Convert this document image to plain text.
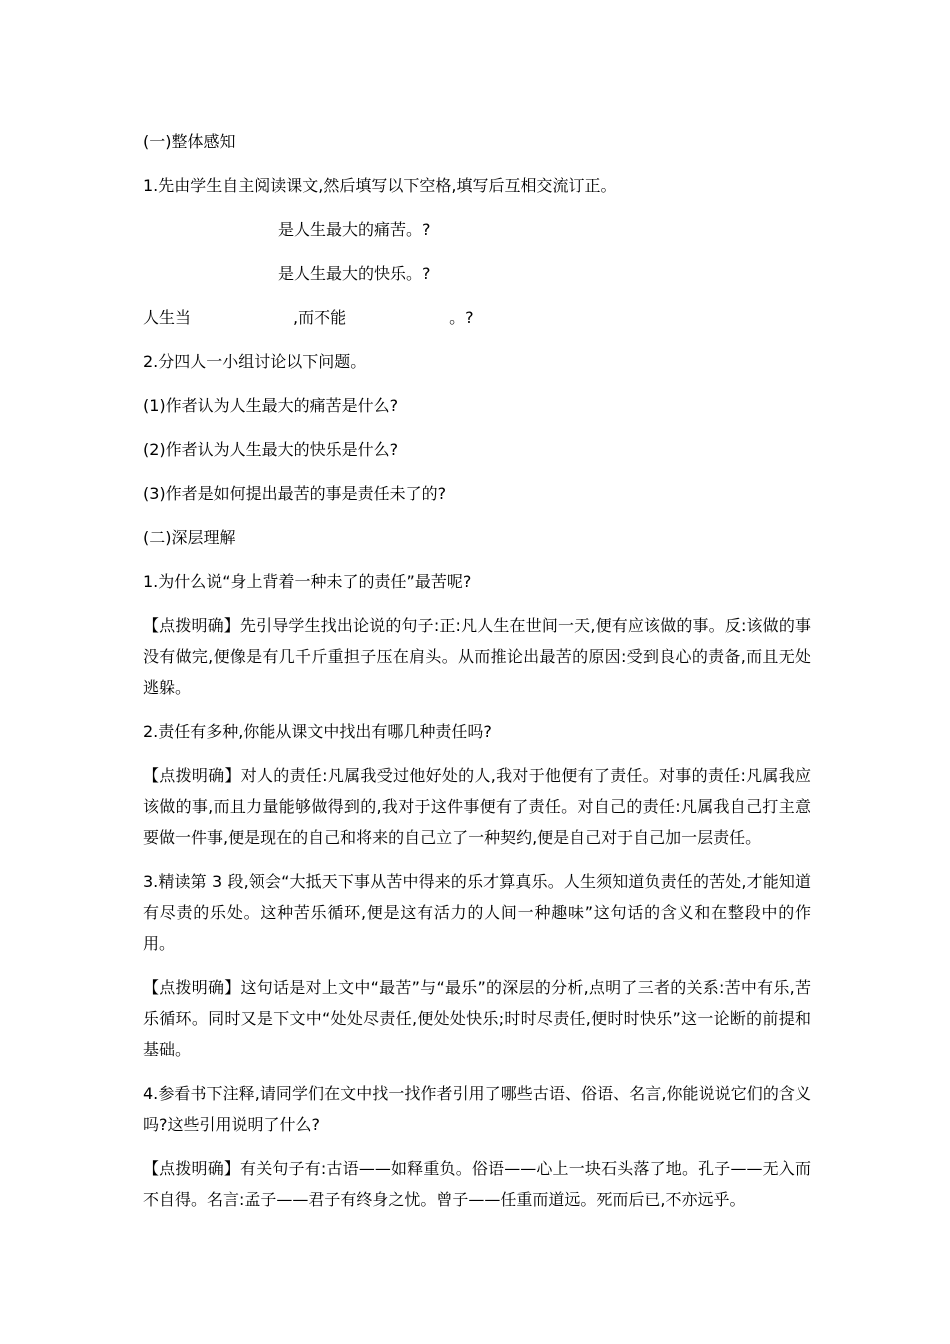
(一)整体感知
1.先由学生自主阅读课文,然后填写以下空格,填写后互相交流订正。
是人生最大的痛苦。?
是人生最大的快乐。?
人生当	,而不能	。?
2.分四人一小组讨论以下问题。
(1)作者认为人生最大的痛苦是什么?
(2)作者认为人生最大的快乐是什么?
(3)作者是如何提出最苦的事是责任未了的?
(二)深层理解
1.为什么说“身上背着一种未了的责任”最苦呢?
【点拨明确】先引导学生找出论说的句子:正:凡人生在世间一天,便有应该做的事。反:该做的事没有做完,便像是有几千斤重担子压在肩头。从而推论出最苦的原因:受到良心的责备,而且无处逃躲。
2.责任有多种,你能从课文中找出有哪几种责任吗?
【点拨明确】对人的责任:凡属我受过他好处的人,我对于他便有了责任。对事的责任:凡属我应该做的事,而且力量能够做得到的,我对于这件事便有了责任。对自己的责任:凡属我自己打主意要做一件事,便是现在的自己和将来的自己立了一种契约,便是自己对于自己加一层责任。
3.精读第 3 段,领会“大抵天下事从苦中得来的乐才算真乐。人生须知道负责任的苦处,才能知道有尽责的乐处。这种苦乐循环,便是这有活力的人间一种趣味”这句话的含义和在整段中的作用。
【点拨明确】这句话是对上文中“最苦”与“最乐”的深层的分析,点明了三者的关系:苦中有乐,苦乐循环。同时又是下文中“处处尽责任,便处处快乐;时时尽责任,便时时快乐”这一论断的前提和基础。
4.参看书下注释,请同学们在文中找一找作者引用了哪些古语、俗语、名言,你能说说它们的含义吗?这些引用说明了什么?
【点拨明确】有关句子有:古语——如释重负。俗语——心上一块石头落了地。孔子——无入而不自得。名言:孟子——君子有终身之忧。曾子——任重而道远。死而后已,不亦远乎。
